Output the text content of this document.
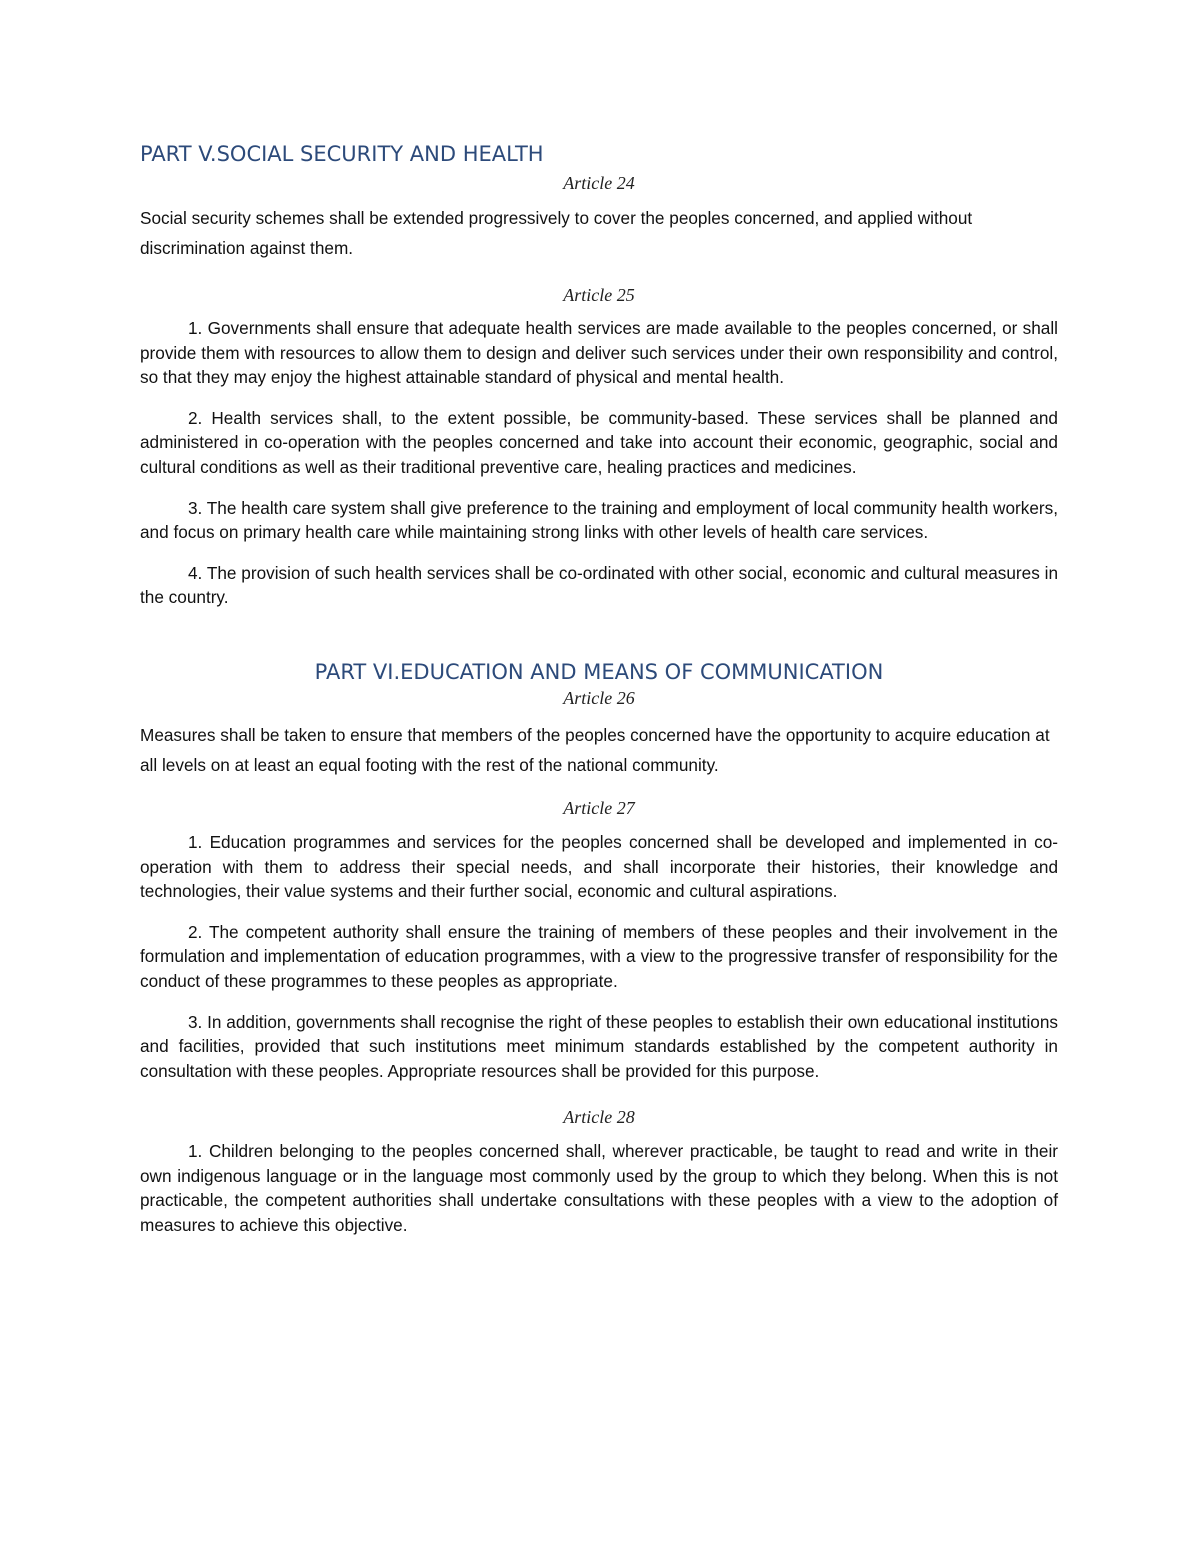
PART V.SOCIAL SECURITY AND HEALTH
Article 24

Social security schemes shall be extended progressively to cover the peoples concerned, and applied without discrimination against them.

Article 25

1. Governments shall ensure that adequate health services are made available to the peoples concerned, or shall provide them with resources to allow them to design and deliver such services under their own responsibility and control, so that they may enjoy the highest attainable standard of physical and mental health.

2. Health services shall, to the extent possible, be community-based. These services shall be planned and administered in co-operation with the peoples concerned and take into account their economic, geographic, social and cultural conditions as well as their traditional preventive care, healing practices and medicines.

3. The health care system shall give preference to the training and employment of local community health workers, and focus on primary health care while maintaining strong links with other levels of health care services.

4. The provision of such health services shall be co-ordinated with other social, economic and cultural measures in the country.

PART VI.EDUCATION AND MEANS OF COMMUNICATION
Article 26

Measures shall be taken to ensure that members of the peoples concerned have the opportunity to acquire education at all levels on at least an equal footing with the rest of the national community.

Article 27

1. Education programmes and services for the peoples concerned shall be developed and implemented in co-operation with them to address their special needs, and shall incorporate their histories, their knowledge and technologies, their value systems and their further social, economic and cultural aspirations.

2. The competent authority shall ensure the training of members of these peoples and their involvement in the formulation and implementation of education programmes, with a view to the progressive transfer of responsibility for the conduct of these programmes to these peoples as appropriate.

3. In addition, governments shall recognise the right of these peoples to establish their own educational institutions and facilities, provided that such institutions meet minimum standards established by the competent authority in consultation with these peoples. Appropriate resources shall be provided for this purpose.

Article 28

1. Children belonging to the peoples concerned shall, wherever practicable, be taught to read and write in their own indigenous language or in the language most commonly used by the group to which they belong. When this is not practicable, the competent authorities shall undertake consultations with these peoples with a view to the adoption of measures to achieve this objective.
